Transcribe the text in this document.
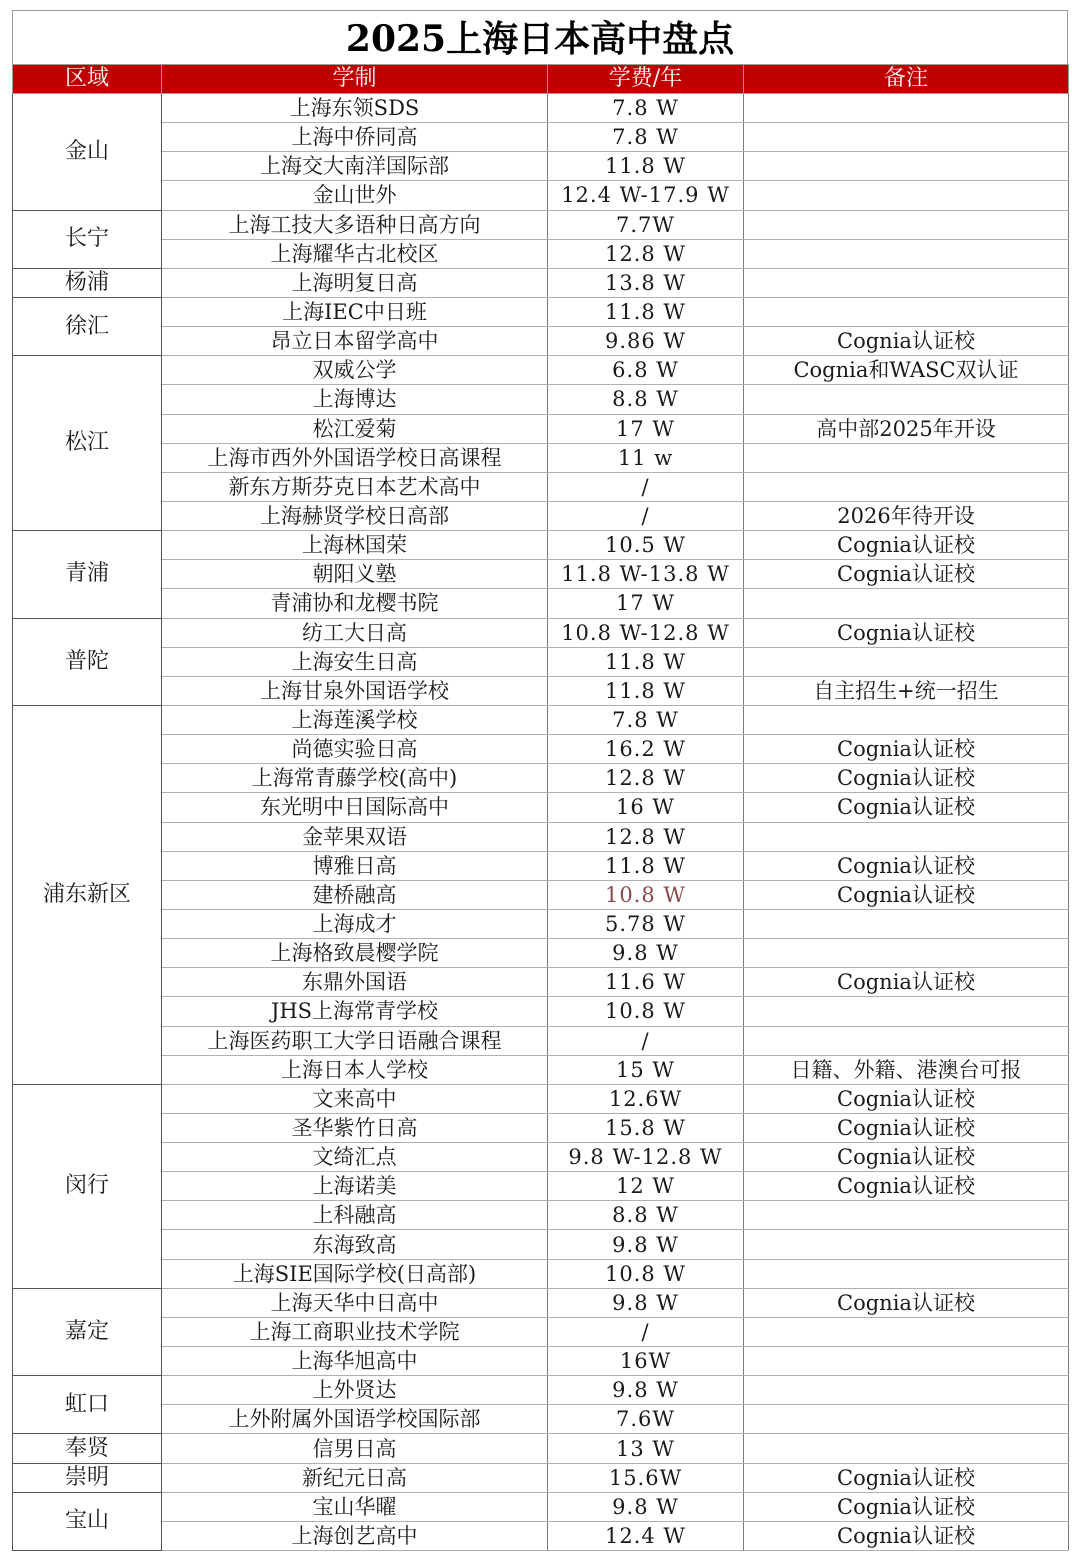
2025上海日本高中盘点
区域	学制	学费/年	备注
金山	上海东领SDS	7.8 W	
	上海中侨同高	7.8 W	
	上海交大南洋国际部	11.8 W	
	金山世外	12.4 W-17.9 W	
长宁	上海工技大多语种日高方向	7.7W	
	上海耀华古北校区	12.8 W	
杨浦	上海明复日高	13.8 W	
徐汇	上海IEC中日班	11.8 W	
	昂立日本留学高中	9.86 W	Cognia认证校
松江	双威公学	6.8 W	Cognia和WASC双认证
	上海博达	8.8 W	
	松江爱菊	17 W	高中部2025年开设
	上海市西外外国语学校日高课程	11 w	
	新东方斯芬克日本艺术高中	/	
	上海赫贤学校日高部	/	2026年待开设
青浦	上海林国荣	10.5 W	Cognia认证校
	朝阳义塾	11.8 W-13.8 W	Cognia认证校
	青浦协和龙樱书院	17 W	
普陀	纺工大日高	10.8 W-12.8 W	Cognia认证校
	上海安生日高	11.8 W	
	上海甘泉外国语学校	11.8 W	自主招生+统一招生
浦东新区	上海莲溪学校	7.8 W	
	尚德实验日高	16.2 W	Cognia认证校
	上海常青藤学校(高中)	12.8 W	Cognia认证校
	东光明中日国际高中	16 W	Cognia认证校
	金苹果双语	12.8 W	
	博雅日高	11.8 W	Cognia认证校
	建桥融高	10.8 W	Cognia认证校
	上海成才	5.78 W	
	上海格致晨樱学院	9.8 W	
	东鼎外国语	11.6 W	Cognia认证校
	JHS上海常青学校	10.8 W	
	上海医药职工大学日语融合课程	/	
	上海日本人学校	15 W	日籍、外籍、港澳台可报
闵行	文来高中	12.6W	Cognia认证校
	圣华紫竹日高	15.8 W	Cognia认证校
	文绮汇点	9.8 W-12.8 W	Cognia认证校
	上海诺美	12 W	Cognia认证校
	上科融高	8.8 W	
	东海致高	9.8 W	
	上海SIE国际学校(日高部)	10.8 W	
嘉定	上海天华中日高中	9.8 W	Cognia认证校
	上海工商职业技术学院	/	
	上海华旭高中	16W	
虹口	上外贤达	9.8 W	
	上外附属外国语学校国际部	7.6W	
奉贤	信男日高	13 W	
崇明	新纪元日高	15.6W	Cognia认证校
宝山	宝山华曜	9.8 W	Cognia认证校
	上海创艺高中	12.4 W	Cognia认证校
